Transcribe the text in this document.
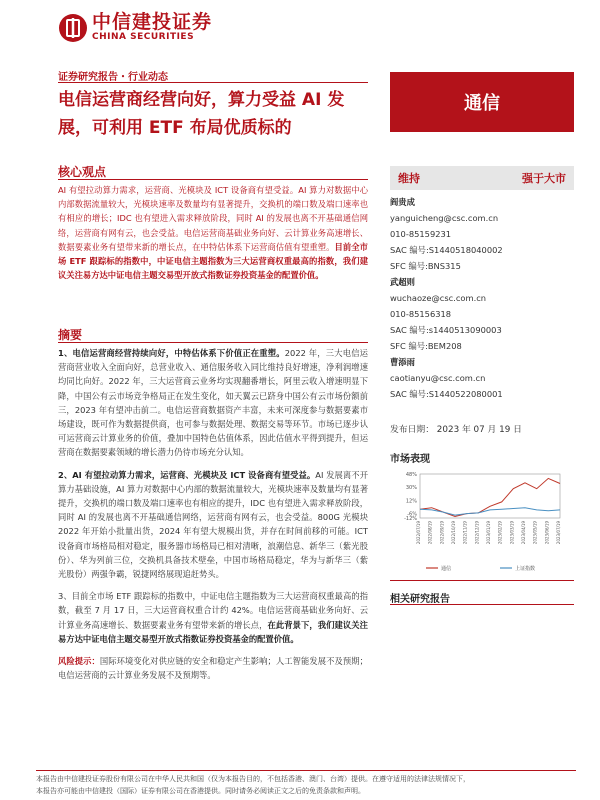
中信建投证券
CHINA SECURITIES
证券研究报告・行业动态
电信运营商经营向好，算力受益 AI 发展，可利用 ETF 布局优质标的
通信
核心观点
AI 有望拉动算力需求，运营商、光模块及 ICT 设备商有望受益。AI 算力对数据中心内部数据流量较大，光模块速率及数量均有显著提升，交换机的端口数及端口速率也有相应的增长；IDC 也有望进入需求释放阶段，同时 AI 的发展也离不开基础通信网络，运营商有网有云，也会受益。电信运营商基础业务向好、云计算业务高速增长、数据要素业务有望带来新的增长点，在中特估体系下运营商估值有望重塑。目前全市场 ETF 跟踪标的指数中，中证电信主题指数为三大运营商权重最高的指数，我们建议关注易方达中证电信主题交易型开放式指数证券投资基金的配置价值。
摘要

1、电信运营商经营持续向好，中特估体系下价值正在重塑。2022 年，三大电信运营商营业收入全面向好，总营业收入、通信服务收入同比维持良好增速，净利润增速均同比向好。2022 年，三大运营商云业务均实现翻番增长，阿里云收入增速明显下降，中国公有云市场竞争格局正在发生变化，如天翼云已跻身中国公有云市场份额前三，2023 年有望冲击前二。电信运营商数据资产丰富，未来可深度参与数据要素市场建设，既可作为数据提供商，也可参与数据处理、数据交易等环节。市场已逐步认可运营商云计算业务的价值，叠加中国特色估值体系，因此估值水平得到提升，但运营商在数据要素领域的增长潜力仍待市场充分认知。

2、AI 有望拉动算力需求，运营商、光模块及 ICT 设备商有望受益。AI 发展离不开算力基础设施，AI 算力对数据中心内部的数据流量较大，光模块速率及数量均有显著提升，交换机的端口数及端口速率也有相应的提升，IDC 也有望进入需求释放阶段，同时 AI 的发展也离不开基础通信网络，运营商有网有云，也会受益。800G 光模块 2022 年开始小批量出货，2024 年有望大规模出货，并存在时间前移的可能。ICT 设备商市场格局相对稳定，服务器市场格局已相对清晰，浪潮信息、新华三（紫光股份）、华为列前三位，交换机具备技术壁垒，中国市场格局稳定，华为与新华三（紫光股份）两强争霸，锐捷网络展现追赶势头。

3、目前全市场 ETF 跟踪标的指数中，中证电信主题指数为三大运营商权重最高的指数，截至 7 月 17 日，三大运营商权重合计约 42%。电信运营商基础业务向好、云计算业务高速增长、数据要素业务有望带来新的增长点，在此背景下，我们建议关注易方达中证电信主题交易型开放式指数证券投资基金的配置价值。

风险提示：国际环境变化对供应链的安全和稳定产生影响；人工智能发展不及预期；电信运营商的云计算业务发展不及预期等。

维持	强于大市
阎贵成
yanguicheng@csc.com.cn
010-85159231
SAC 编号:S1440518040002
SFC 编号:BNS315
武超则
wuchaoze@csc.com.cn
010-85156318
SAC 编号:s1440513090003
SFC 编号:BEM208
曹添雨
caotianyu@csc.com.cn
SAC 编号:S1440522080001
发布日期： 2023 年 07 月 19 日
市场表现
48%
30%
12%
-6%
-12%
2022/07/19 2022/08/19 2022/09/19 2022/10/19 2022/11/19 2022/12/19 2023/01/19 2023/02/19 2023/03/19 2023/04/19 2023/05/19 2023/06/19 2023/07/19
通信	上证指数
相关研究报告
本报告由中信建投证券股份有限公司在中华人民共和国（仅为本报告目的，不包括香港、澳门、台湾）提供。在遵守适用的法律法规情况下，
本报告亦可能由中信建投（国际）证券有限公司在香港提供。同时请务必阅读正文之后的免责条款和声明。
